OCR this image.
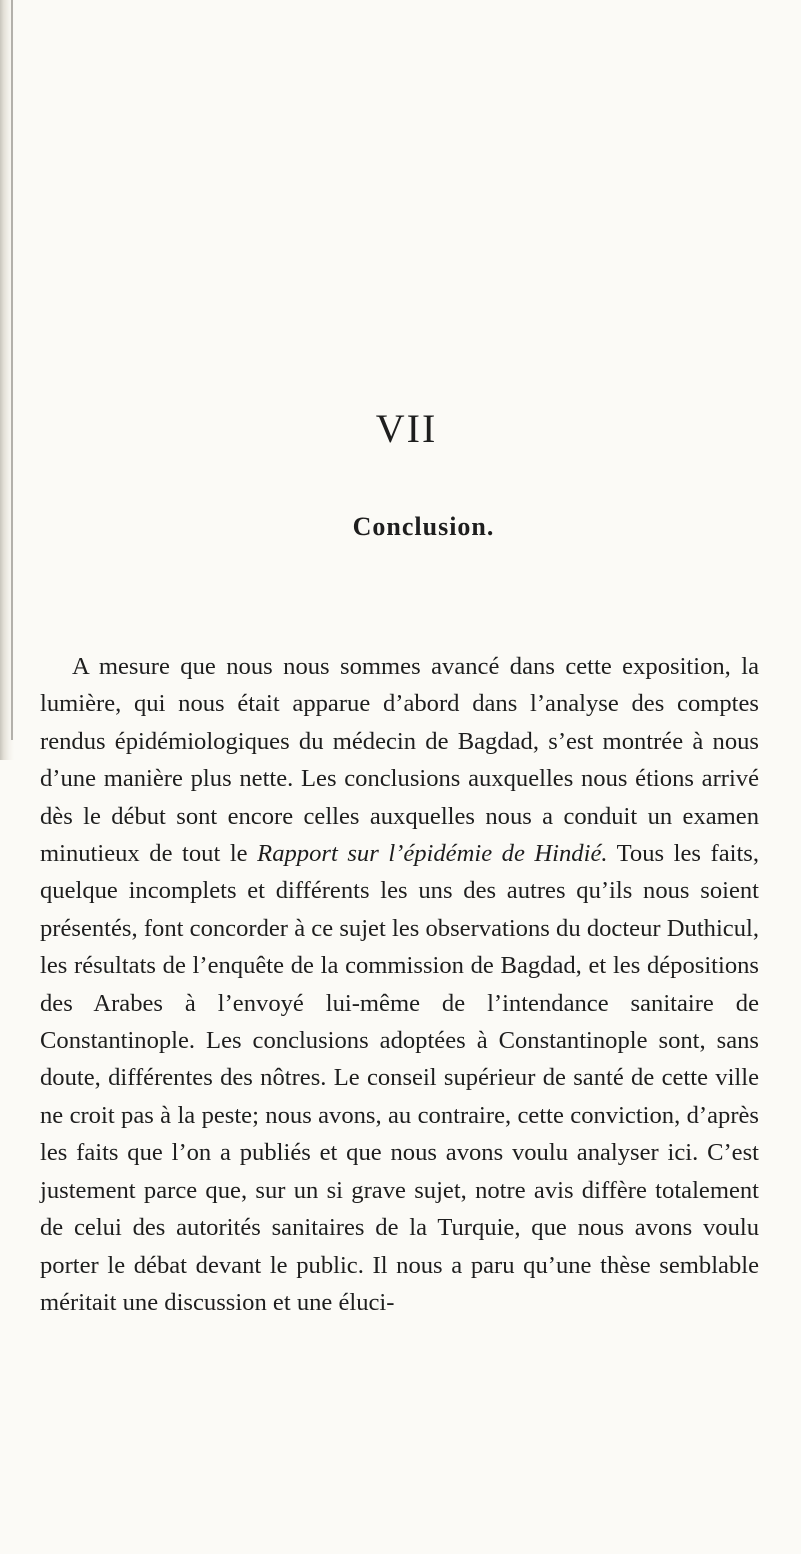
VII
Conclusion.

A mesure que nous nous sommes avancé dans cette exposition, la lumière, qui nous était apparue d’abord dans l’analyse des comptes rendus épidémiologiques du médecin de Bagdad, s’est montrée à nous d’une manière plus nette. Les conclusions auxquelles nous étions arrivé dès le début sont encore celles auxquelles nous a conduit un examen minutieux de tout le Rapport sur l’épidémie de Hindié. Tous les faits, quelque incomplets et différents les uns des autres qu’ils nous soient présentés, font concorder à ce sujet les observations du docteur Duthicul, les résultats de l’enquête de la commission de Bagdad, et les dépositions des Arabes à l’envoyé lui-même de l’intendance sanitaire de Constantinople. Les conclusions adoptées à Constantinople sont, sans doute, différentes des nôtres. Le conseil supérieur de santé de cette ville ne croit pas à la peste; nous avons, au contraire, cette conviction, d’après les faits que l’on a publiés et que nous avons voulu analyser ici. C’est justement parce que, sur un si grave sujet, notre avis diffère totalement de celui des autorités sanitaires de la Turquie, que nous avons voulu porter le débat devant le public. Il nous a paru qu’une thèse semblable méritait une discussion et une éluci-
